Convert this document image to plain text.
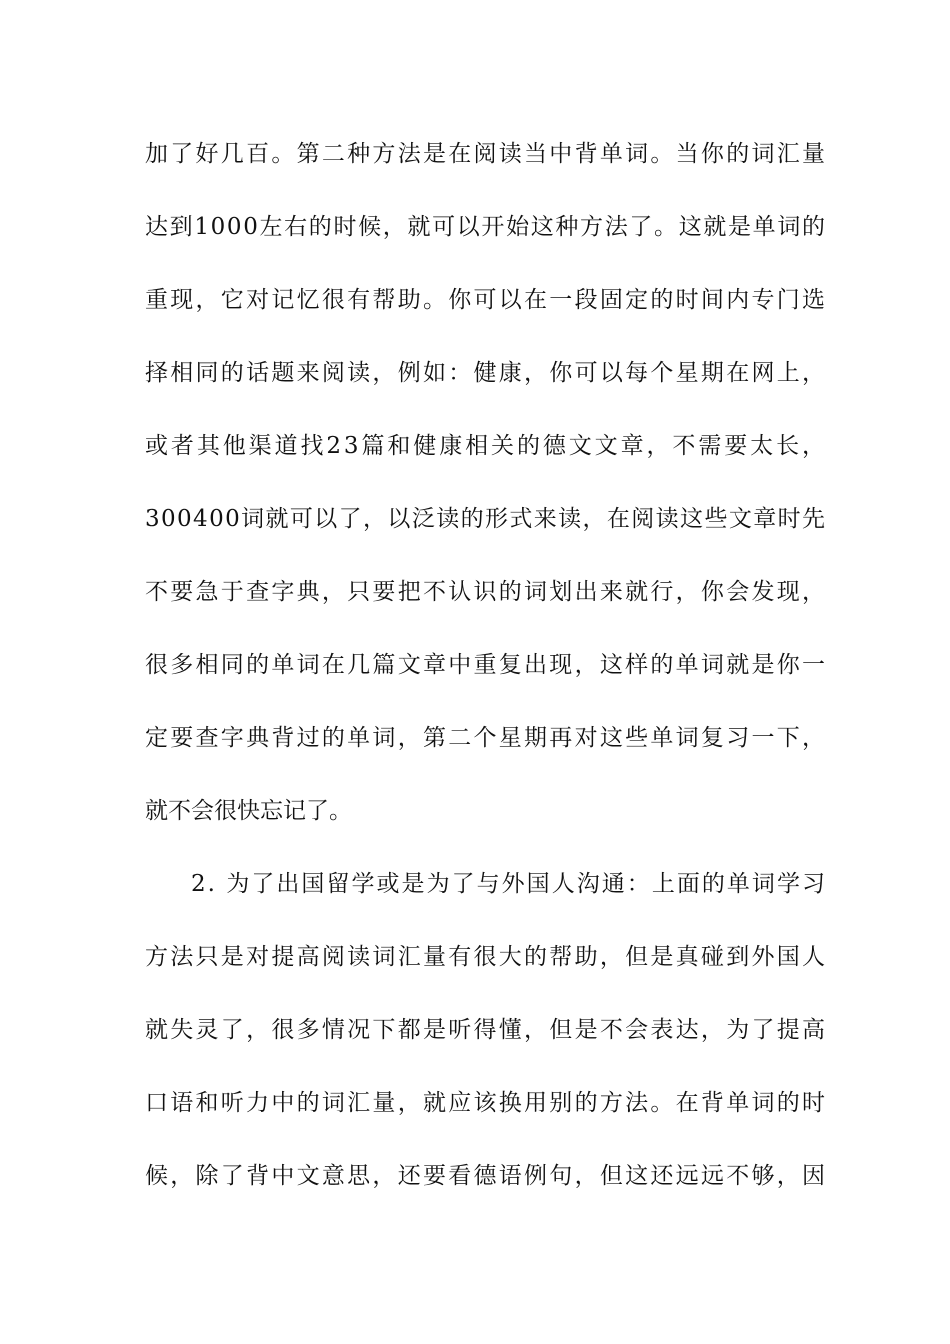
加了好几百。第二种方法是在阅读当中背单词。当你的词汇量
达到1000左右的时候，就可以开始这种方法了。这就是单词的
重现，它对记忆很有帮助。你可以在一段固定的时间内专门选
择相同的话题来阅读，例如：健康，你可以每个星期在网上，
或者其他渠道找23篇和健康相关的德文文章，不需要太长，
300400词就可以了，以泛读的形式来读，在阅读这些文章时先
不要急于查字典，只要把不认识的词划出来就行，你会发现，
很多相同的单词在几篇文章中重复出现，这样的单词就是你一
定要查字典背过的单词，第二个星期再对这些单词复习一下，
就不会很快忘记了。
2. 为了出国留学或是为了与外国人沟通：上面的单词学习
方法只是对提高阅读词汇量有很大的帮助，但是真碰到外国人
就失灵了，很多情况下都是听得懂，但是不会表达，为了提高
口语和听力中的词汇量，就应该换用别的方法。在背单词的时
候，除了背中文意思，还要看德语例句，但这还远远不够，因
